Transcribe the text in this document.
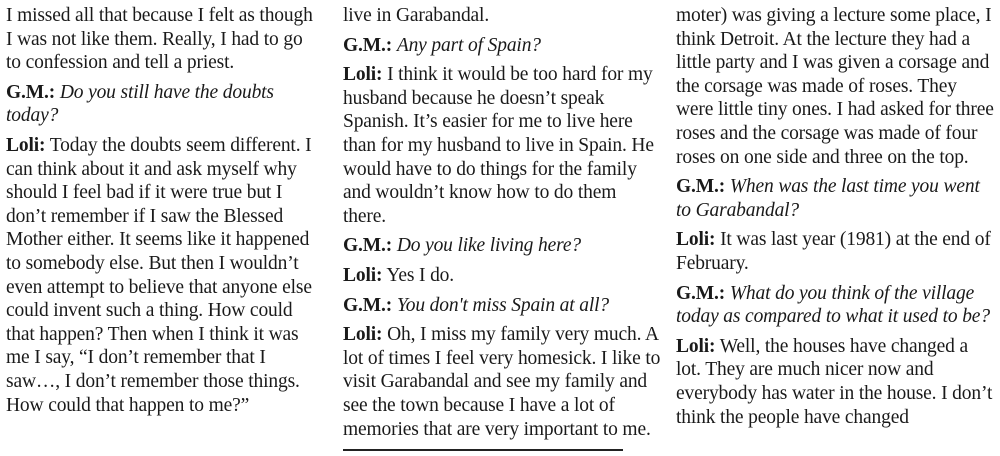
I missed all that because I felt as though I was not like them. Really, I had to go to confession and tell a priest.

G.M.: Do you still have the doubts today?

Loli: Today the doubts seem different. I can think about it and ask myself why should I feel bad if it were true but I don’t remember if I saw the Blessed Mother either. It seems like it happened to somebody else. But then I wouldn’t even attempt to believe that anyone else could invent such a thing. How could that happen? Then when I think it was me I say, “I don’t remember that I saw…, I don’t remember those things. How could that happen to me?”

live in Garabandal.

G.M.: Any part of Spain?

Loli: I think it would be too hard for my husband because he doesn’t speak Spanish. It’s easier for me to live here than for my husband to live in Spain. He would have to do things for the family and wouldn’t know how to do them there.

G.M.: Do you like living here?

Loli: Yes I do.

G.M.: You don't miss Spain at all?

Loli: Oh, I miss my family very much. A lot of times I feel very homesick. I like to visit Garabandal and see my family and see the town because I have a lot of memories that are very important to me.

moter) was giving a lecture some place, I think Detroit. At the lecture they had a little party and I was given a corsage and the corsage was made of roses. They were little tiny ones. I had asked for three roses and the corsage was made of four roses on one side and three on the top.

G.M.: When was the last time you went to Garabandal?

Loli: It was last year (1981) at the end of February.

G.M.: What do you think of the village today as compared to what it used to be?

Loli: Well, the houses have changed a lot. They are much nicer now and everybody has water in the house. I don’t think the people have changed
